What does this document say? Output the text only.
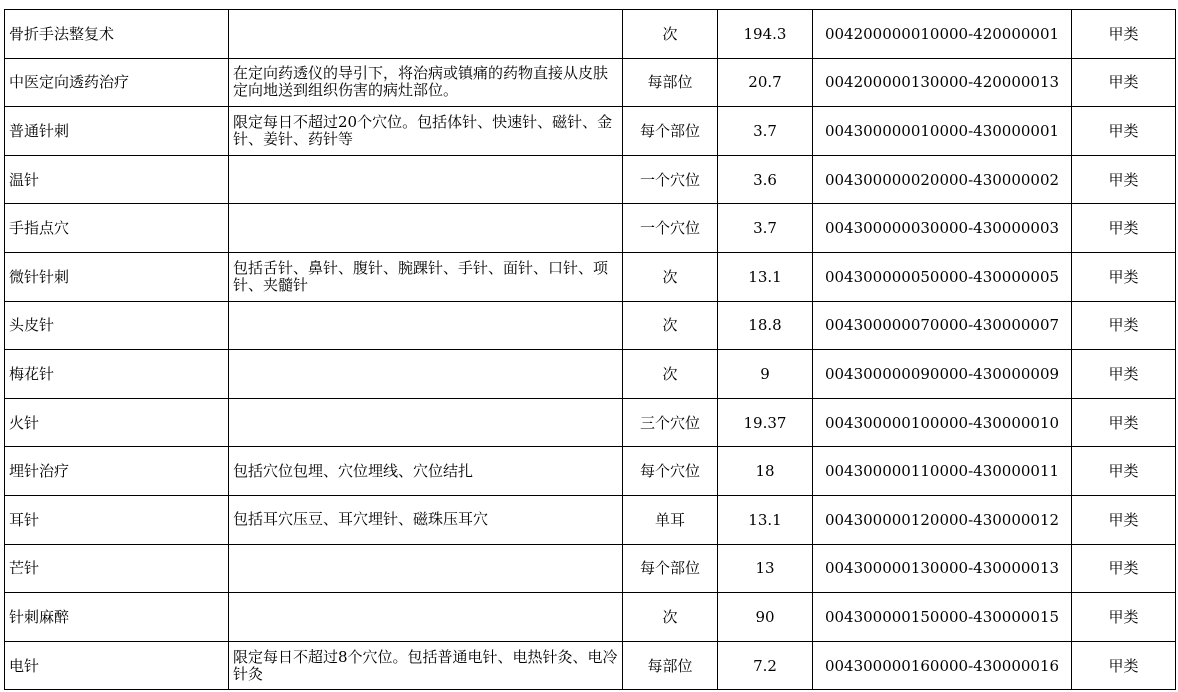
骨折手法整复术		次	194.3	004200000010000-420000001	甲类
中医定向透药治疗	在定向药透仪的导引下，将治病或镇痛的药物直接从皮肤定向地送到组织伤害的病灶部位。	每部位	20.7	004200000130000-420000013	甲类
普通针刺	限定每日不超过20个穴位。包括体针、快速针、磁针、金针、姜针、药针等	每个部位	3.7	004300000010000-430000001	甲类
温针		一个穴位	3.6	004300000020000-430000002	甲类
手指点穴		一个穴位	3.7	004300000030000-430000003	甲类
微针针刺	包括舌针、鼻针、腹针、腕踝针、手针、面针、口针、项针、夹髓针	次	13.1	004300000050000-430000005	甲类
头皮针		次	18.8	004300000070000-430000007	甲类
梅花针		次	9	004300000090000-430000009	甲类
火针		三个穴位	19.37	004300000100000-430000010	甲类
埋针治疗	包括穴位包埋、穴位埋线、穴位结扎	每个穴位	18	004300000110000-430000011	甲类
耳针	包括耳穴压豆、耳穴埋针、磁珠压耳穴	单耳	13.1	004300000120000-430000012	甲类
芒针		每个部位	13	004300000130000-430000013	甲类
针刺麻醉		次	90	004300000150000-430000015	甲类
电针	限定每日不超过8个穴位。包括普通电针、电热针灸、电冷针灸	每部位	7.2	004300000160000-430000016	甲类
